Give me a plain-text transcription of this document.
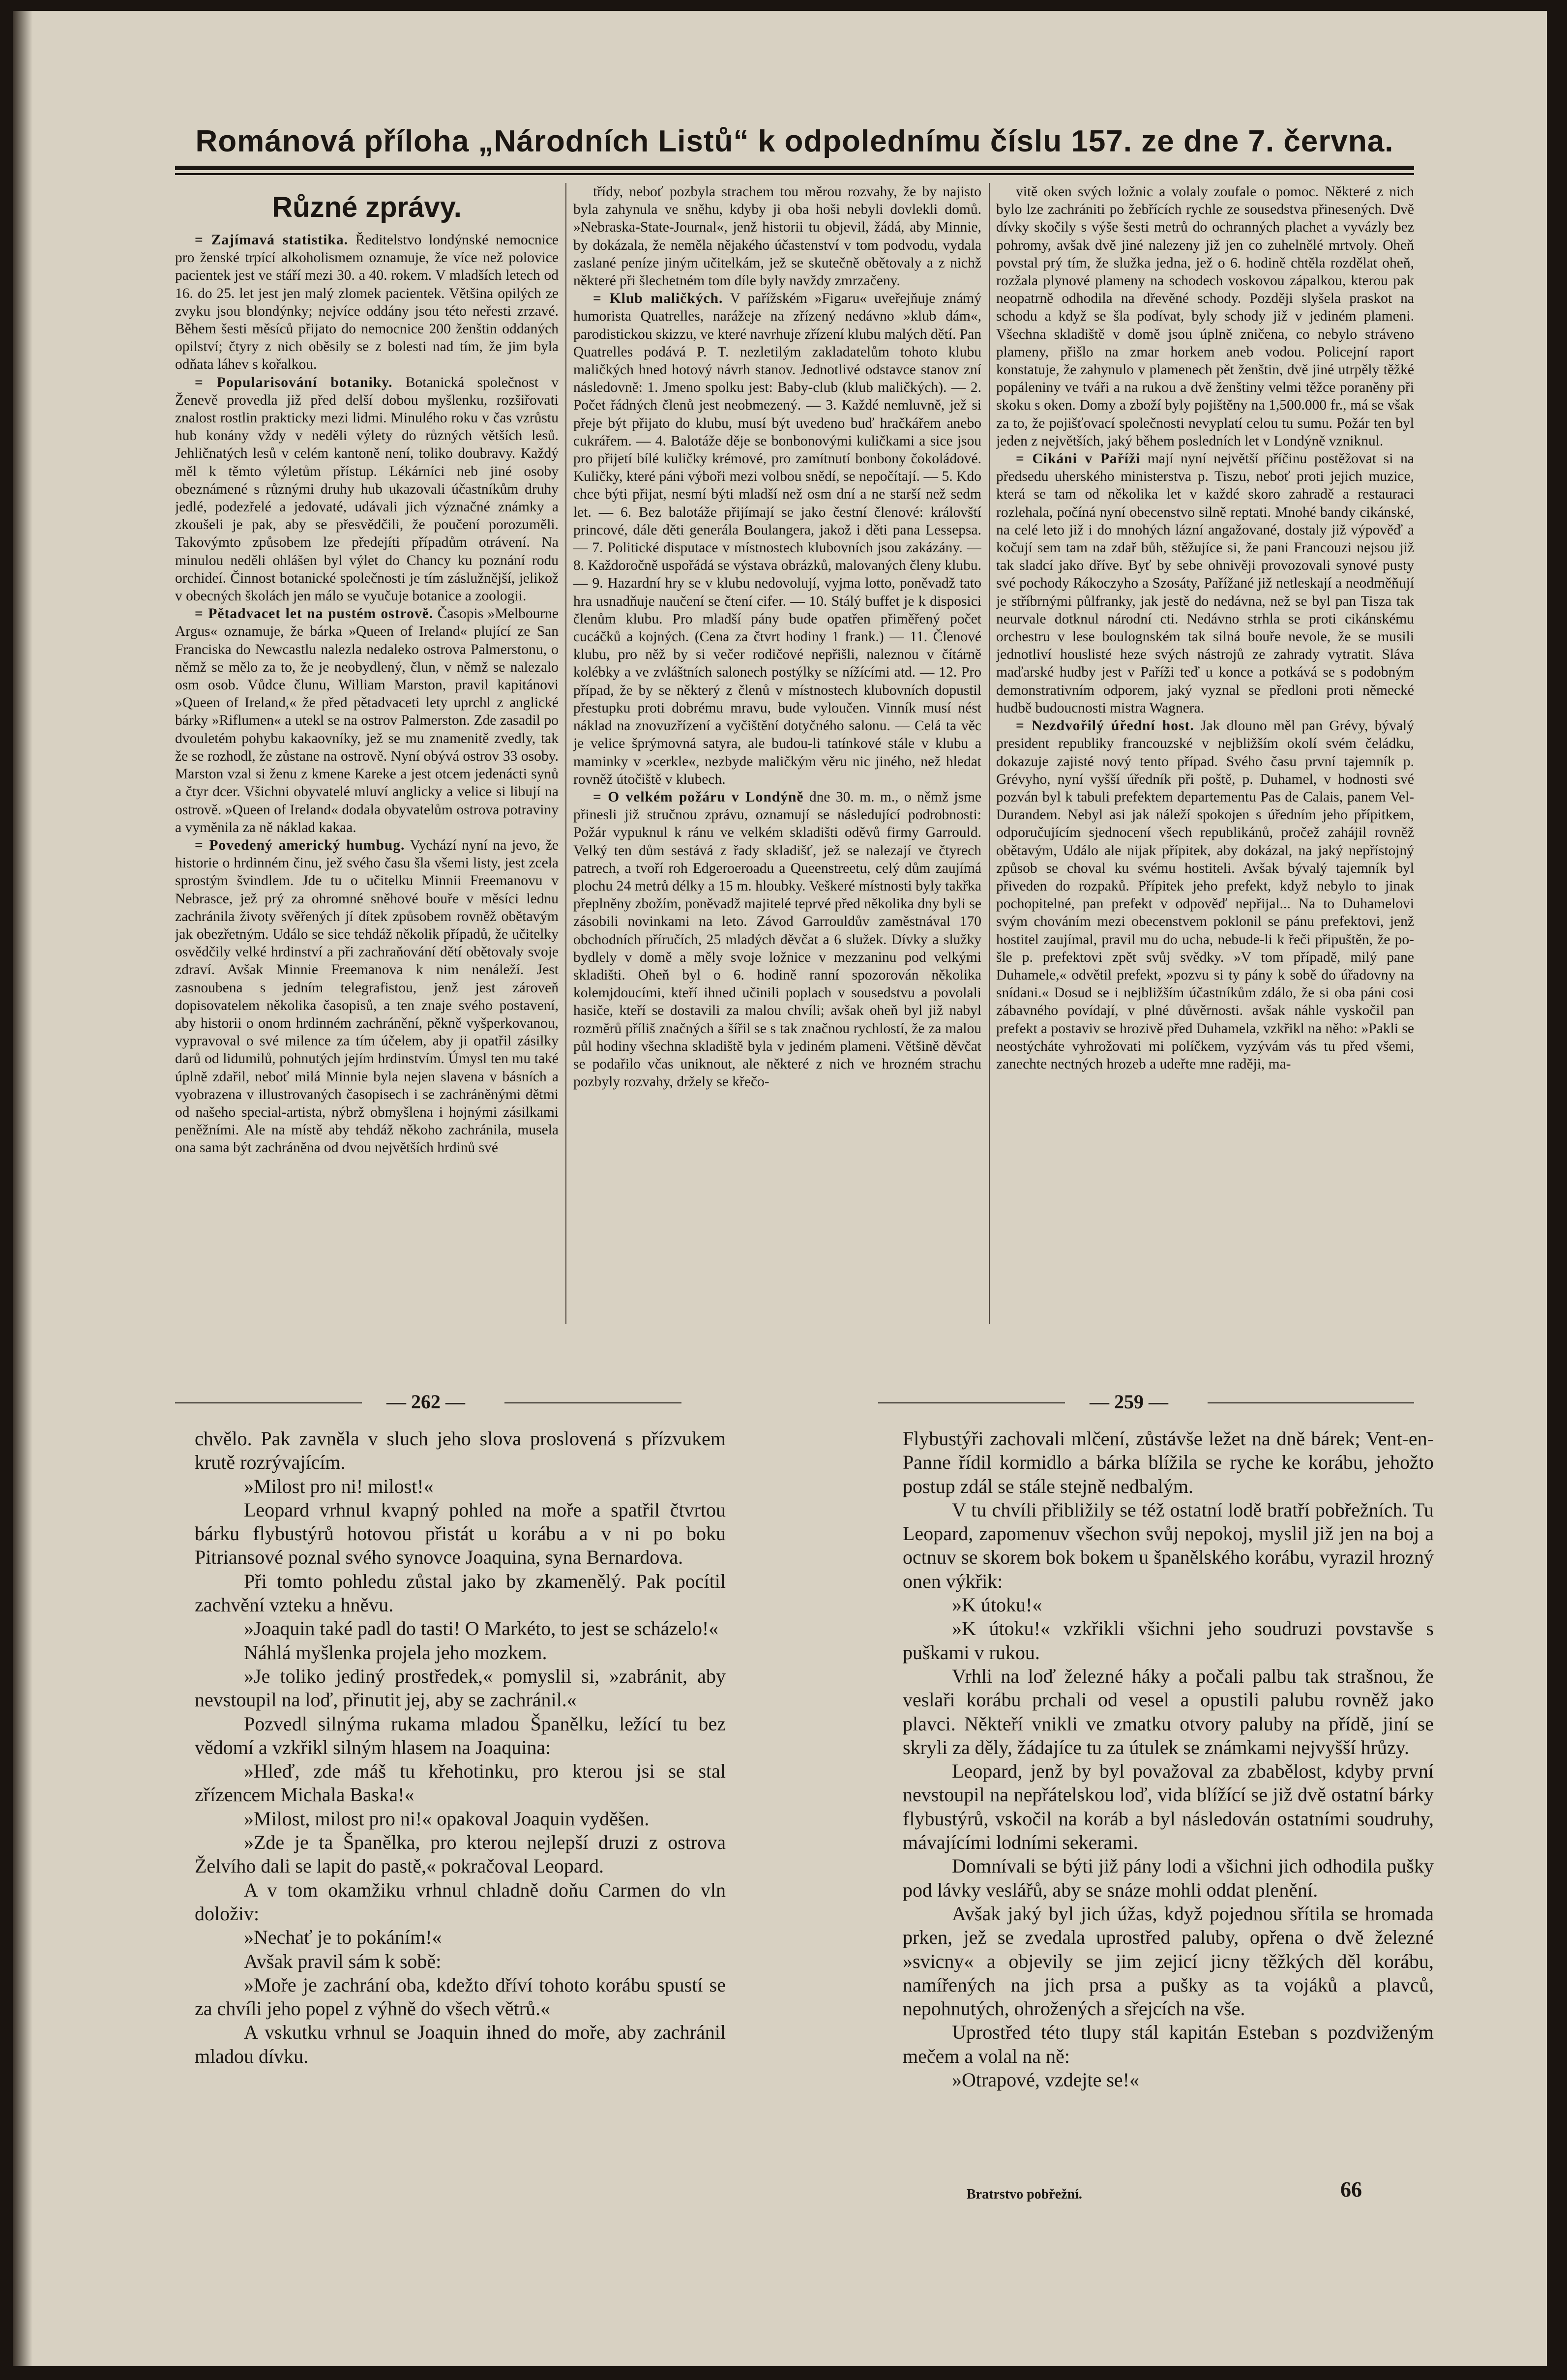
Románová příloha „Národních Listů“ k odpolednímu číslu 157. ze dne 7. června.
Různé zprávy.

= Zajímavá statistika. Ředitelstvo londýnské nemocnice pro ženské trpící alkoholismem oznamuje, že více než polovice pacientek jest ve stáří mezi 30. a 40. rokem. V mladších letech od 16. do 25. let jest jen malý zlomek pacientek. Většina opilých ze zvyku jsou blondýnky; nejvíce oddány jsou této neřesti zrzavé. Během šesti měsíců přijato do nemocnice 200 ženštin oddaných opilství; čtyry z nich oběsily se z bolesti nad tím, že jim byla odňata láhev s kořalkou.

= Popularisování botaniky. Botanická společnost v Ženevě provedla již před delší dobou myšlenku, rozšiřovati znalost rostlin prakticky mezi lidmi. Minulého roku v čas vzrůstu hub konány vždy v neděli výlety do různých větších lesů. Jehličnatých lesů v celém kantoně není, toliko doubravy. Každý měl k těmto výletům přístup. Lékárníci neb jiné osoby obeznámené s různými druhy hub ukazovali účastníkům druhy jedlé, podezřelé a jedovaté, udávali jich význačné známky a zkoušeli je pak, aby se přesvědčili, že poučení porozuměli. Takovýmto způsobem lze předejíti případům otrávení. Na minulou neděli ohlášen byl výlet do Chancy ku poznání rodu orchideí. Činnost botanické společnosti je tím záslužnější, jelikož v obecných školách jen málo se vyučuje botanice a zoologii.

= Pětadvacet let na pustém ostrově. Časopis »Melbourne Argus« oznamuje, že bárka »Queen of Ireland« plující ze San Franciska do Newcastlu nalezla nedaleko ostrova Palmerstonu, o němž se mělo za to, že je neobydlený, člun, v němž se nalezalo osm osob. Vůdce člunu, William Marston, pravil kapitánovi »Queen of Ireland,« že před pětadvaceti lety uprchl z anglické bárky »Riflumen« a utekl se na ostrov Palmerston. Zde zasadil po dvouletém pohybu kakaovníky, jež se mu znamenitě zvedly, tak že se rozhodl, že zůstane na ostrově. Nyní obývá ostrov 33 osoby. Marston vzal si ženu z kmene Kareke a jest otcem jedenácti synů a čtyr dcer. Všichni obyvatelé mluví anglicky a velice si libují na ostrově. »Queen of Ireland« dodala obyvatelům ostrova potraviny a vyměnila za ně náklad kakaa.

= Povedený americký humbug. Vychází nyní na jevo, že historie o hrdinném činu, jež svého času šla všemi listy, jest zcela sprostým švindlem. Jde tu o učitelku Minnii Freemanovu v Nebrasce, jež prý za ohromné sněhové bouře v měsíci lednu zachránila životy svěřených jí dítek způsobem rovněž obětavým jak obezřetným. Událo se sice tehdáž několik případů, že učitelky osvědčily velké hrdinství a při zachraňování dětí obětovaly svoje zdraví. Avšak Minnie Freemanova k nim nenáleží. Jest zasnoubena s jedním telegrafistou, jenž jest zároveň dopisovatelem několika časopisů, a ten znaje svého postavení, aby historii o onom hrdinném zachránění, pěkně vyšperkovanou, vypravoval o své milence za tím účelem, aby ji opatřil zásilky darů od lidumilů, pohnutých jejím hrdinstvím. Úmysl ten mu také úplně zdařil, neboť milá Minnie byla nejen slavena v básních a vyobrazena v illustrovaných časopisech i se zachráněnými dětmi od našeho special-artista, nýbrž obmyšlena i hojnými zásilkami peněžními. Ale na místě aby tehdáž někoho zachránila, musela ona sama být zachráněna od dvou největších hrdinů své

třídy, neboť pozbyla strachem tou měrou rozvahy, že by najisto byla zahynula ve sněhu, kdyby ji oba hoši nebyli dovlekli domů. »Nebraska-State-Journal«, jenž historii tu objevil, žádá, aby Minnie, by dokázala, že neměla nějakého účastenství v tom podvodu, vydala zaslané peníze jiným učitelkám, jež se skutečně obětovaly a z nichž některé při šlechetném tom díle byly navždy zmrzačeny.

= Klub maličkých. V pařížském »Figaru« uveřejňuje známý humorista Quatrelles, narážeje na zřízený nedávno »klub dám«, parodistickou skizzu, ve které navrhuje zřízení klubu malých dětí. Pan Quatrelles podává P. T. nezletilým zakladatelům tohoto klubu maličkých hned hotový návrh stanov. Jednotlivé odstavce stanov zní následovně: 1. Jmeno spolku jest: Baby-club (klub maličkých). — 2. Počet řádných členů jest neobmezený. — 3. Každé nemluvně, jež si přeje být přijato do klubu, musí být uvedeno buď hračkářem anebo cukrářem. — 4. Balotáže děje se bonbonovými kuličkami a sice jsou pro přijetí bílé kuličky krémové, pro zamítnutí bonbony čokoládové. Kuličky, které páni výboři mezi volbou snědí, se nepočítají. — 5. Kdo chce býti přijat, nesmí býti mladší než osm dní a ne starší než sedm let. — 6. Bez balotáže přijímají se jako čestní členové: královští princové, dále děti generála Boulangera, jakož i děti pana Lessepsa. — 7. Politické disputace v místnostech klubovních jsou zakázány. — 8. Každoročně uspořádá se výstava obrázků, malovaných členy klubu. — 9. Hazardní hry se v klubu nedovolují, vyjma lotto, poněvadž tato hra usnadňuje naučení se čtení cifer. — 10. Stálý buffet je k disposici členům klubu. Pro mladší pány bude opatřen přiměřený počet cucáčků a kojných. (Cena za čtvrt hodiny 1 frank.) — 11. Členové klubu, pro něž by si večer rodičové nepřišli, naleznou v čítárně kolébky a ve zvláštních salonech postýlky se nížícími atd. — 12. Pro případ, že by se některý z členů v místnostech klubovních dopustil přestupku proti dobrému mravu, bude vyloučen. Vinník musí nést náklad na znovuzřízení a vyčištění dotyčného salonu. — Celá ta věc je velice šprýmovná satyra, ale budou-li tatínkové stále v klubu a maminky v »cerkle«, nezbyde maličkým věru nic jiného, než hledat rovněž útočiště v klubech.

= O velkém požáru v Londýně dne 30. m. m., o němž jsme přinesli již stručnou zprávu, oznamují se následující podrobnosti: Požár vypuknul k ránu ve velkém skladišti oděvů firmy Garrould. Velký ten dům sestává z řady skladišť, jež se nalezají ve čtyrech patrech, a tvoří roh Edgeroeroadu a Queenstreetu, celý dům zaujímá plochu 24 metrů délky a 15 m. hloubky. Veškeré místnosti byly takřka přeplněny zbožím, poněvadž majitelé teprvé před několika dny byli se zásobili novinkami na leto. Závod Garrouldův zaměstnával 170 obchodních příručích, 25 mladých děvčat a 6 služek. Dívky a služky bydlely v domě a měly svoje ložnice v mezzaninu pod velkými skladišti. Oheň byl o 6. hodině ranní spozorován několika kolemjdoucími, kteří ihned učinili poplach v sousedstvu a povolali hasiče, kteří se dostavili za malou chvíli; avšak oheň byl již nabyl rozměrů příliš značných a šířil se s tak značnou rychlostí, že za malou půl hodiny všechna skladiště byla v jediném plameni. Většině děvčat se podařilo včas uniknout, ale některé z nich ve hrozném strachu pozbyly rozvahy, držely se křečo-

vitě oken svých ložnic a volaly zoufale o pomoc. Některé z nich bylo lze zachrániti po žebřících rychle ze sousedstva přinesených. Dvě dívky skočily s výše šesti metrů do ochranných plachet a vyvázly bez pohromy, avšak dvě jiné nalezeny již jen co zuhelnělé mrtvoly. Oheň povstal prý tím, že služka jedna, jež o 6. hodině chtěla rozdělat oheň, rozžala plynové plameny na schodech voskovou zápalkou, kterou pak neopatrně odhodila na dřevěné schody. Později slyšela praskot na schodu a když se šla podívat, byly schody již v jediném plameni. Všechna skladiště v domě jsou úplně zničena, co nebylo stráveno plameny, přišlo na zmar horkem aneb vodou. Policejní raport konstatuje, že zahynulo v plamenech pět ženštin, dvě jiné utrpěly těžké popáleniny ve tváři a na rukou a dvě ženštiny velmi těžce poraněny při skoku s oken. Domy a zboží byly pojištěny na 1,500.000 fr., má se však za to, že pojišťovací společnosti nevyplatí celou tu sumu. Požár ten byl jeden z největších, jaký během posledních let v Londýně vzniknul.

= Cikáni v Paříži mají nyní největší příčinu postěžovat si na předsedu uherského ministerstva p. Tiszu, neboť proti jejich muzice, která se tam od několika let v každé skoro zahradě a restauraci rozlehala, počíná nyní obecenstvo silně reptati. Mnohé bandy cikánské, na celé leto již i do mnohých lázní angažované, dostaly již výpověď a kočují sem tam na zdař bůh, stěžujíce si, že pani Francouzi nejsou již tak sladcí jako dříve. Byť by sebe ohnivěji provozovali synové pusty své pochody Rákoczyho a Szosáty, Pařížané již netleskají a neodměňují je stříbrnými půlfranky, jak jestě do nedávna, než se byl pan Tisza tak neurvale dotknul národní cti. Nedávno strhla se proti cikánskému orchestru v lese boulognském tak silná bouře nevole, že se musili jednotliví houslisté hezе svých nástrojů ze zahrady vytratit. Sláva maďarské hudby jest v Paříži teď u konce a potkává se s podobným demonstrativním odporem, jaký vyznal se předloni proti německé hudbě budoucnosti mistra Wagnera.

= Nezdvořilý úřední host. Jak dlouno měl pan Grévy, bývalý president republiky francouzské v nejbližším okolí svém čeládku, dokazuje zajisté nový tento případ. Svého času první tajemník p. Grévyho, nyní vyšší úředník při poště, p. Duhamel, v hodnosti své pozván byl k tabuli prefektem departementu Pas de Calais, panem Vel-Durandem. Nebyl asi jak náleží spokojen s úředním jeho přípitkem, odporučujícím sjednocení všech republikánů, pročež zahájil rovněž obětavým, Událo ale nijak přípitek, aby dokázal, na jaký nepřístojný způsob se choval ku svému hostiteli. Avšak bývalý tajemník byl přiveden do rozpaků. Přípitek jeho prefekt, když nebylo to jinak pochopitelné, pan prefekt v odpověď nepřijal... Na to Duhamelovi svým chováním mezi obecenstvem poklonil se pánu prefektovi, jenž hostitel zaujímal, pravil mu do ucha, nebude-li k řeči připuštěn, že po-šle p. prefektovi zpět svůj svědky. »V tom případě, milý pane Duhamele,« odvětil prefekt, »pozvu si ty pány k sobě do úřadovny na snídani.« Dosud se i nejbližším účastníkům zdálo, že si oba páni cosi zábavného povídají, v plné důvěrnosti. avšak náhle vyskočil pan prefekt a postaviv se hrozivě před Duhamela, vzkřikl na něho: »Pakli se neostýcháte vyhrožovati mi políčkem, vyzývám vás tu před všemi, zanechte nectných hrozeb a udeřte mne raději, ma-

— 262 —	— 259 —

chvělo. Pak zavněla v sluch jeho slova proslovená s přízvukem krutě rozrývajícím.

»Milost pro ni! milost!«

Leopard vrhnul kvapný pohled na moře a spatřil čtvrtou bárku flybustýrů hotovou přistát u korábu a v ni po boku Pitriansové poznal svého synovce Joaquina, syna Bernardova.

Při tomto pohledu zůstal jako by zkamenělý. Pak pocítil zachvění vzteku a hněvu.

»Joaquin také padl do tasti! O Markéto, to jest se scházelo!«

Náhlá myšlenka projela jeho mozkem.

»Je toliko jediný prostředek,« pomyslil si, »zabránit, aby nevstoupil na loď, přinutit jej, aby se zachránil.«

Pozvedl silnýma rukama mladou Španělku, ležící tu bez vědomí a vzkřikl silným hlasem na Joaquina:

»Hleď, zde máš tu křehotinku, pro kterou jsi se stal zřízencem Michala Baska!«

»Milost, milost pro ni!« opakoval Joaquin vyděšen.

»Zde je ta Španělka, pro kterou nejlepší druzi z ostrova Želvího dali se lapit do pastě,« pokračoval Leopard.

A v tom okamžiku vrhnul chladně doňu Carmen do vln doloživ:

»Nechať je to pokáním!«

Avšak pravil sám k sobě:

»Moře je zachrání oba, kdežto dříví tohoto korábu spustí se za chvíli jeho popel z výhně do všech větrů.«

A vskutku vrhnul se Joaquin ihned do moře, aby zachránil mladou dívku.

Flybustýři zachovali mlčení, zůstávše ležet na dně bárek; Vent-en-Panne řídil kormidlo a bárka blížila se ryche ke korábu, jehožto postup zdál se stále stejně nedbalým.

V tu chvíli přibližily se též ostatní lodě bratří pobřežních. Tu Leopard, zapomenuv všechon svůj nepokoj, myslil již jen na boj a octnuv se skorem bok bokem u španělského korábu, vyrazil hrozný onen výkřik:

»K útoku!«

»K útoku!« vzkřikli všichni jeho soudruzi povstavše s puškami v rukou.

Vrhli na loď železné háky a počali palbu tak strašnou, že veslaři korábu prchali od vesel a opustili palubu rovněž jako plavci. Někteří vnikli ve zmatku otvory paluby na přídě, jiní se skryli za děly, žádajíce tu za útulek se známkami nejvyšší hrůzy.

Leopard, jenž by byl považoval za zbabělost, kdyby první nevstoupil na nepřátelskou loď, vida blížící se již dvě ostatní bárky flybustýrů, vskočil na koráb a byl následován ostatními soudruhy, mávajícími lodními sekerami.

Domnívali se býti již pány lodi a všichni jich odhodila pušky pod lávky veslářů, aby se snáze mohli oddat plenění.

Avšak jaký byl jich úžas, když pojednou sřítila se hromada prken, jež se zvedala uprostřed paluby, opřena o dvě železné »svicny« a objevily se jim zejicí jicny těžkých děl korábu, namířených na jich prsa a pušky as ta vojáků a plavců, nepohnutých, ohrožených a sřejcích na vše.

Uprostřed této tlupy stál kapitán Esteban s pozdviženým mečem a volal na ně:

»Otrapové, vzdejte se!«

Bratrstvo pobřežní.	66
